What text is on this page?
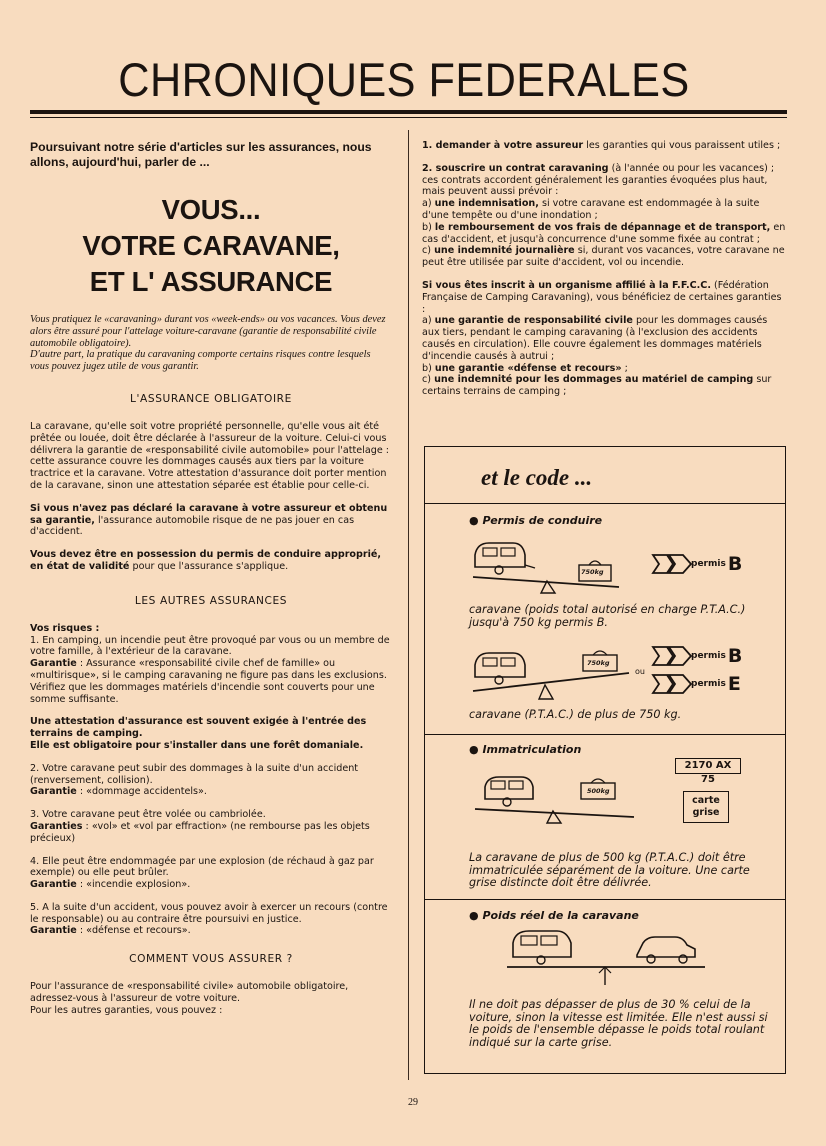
CHRONIQUES FEDERALES

Poursuivant notre série d'articles sur les assurances, nous allons, aujourd'hui, parler de ...

VOUS...
VOTRE CARAVANE,
ET L' ASSURANCE
Vous pratiquez le «caravaning» durant vos «week-ends» ou vos vacances. Vous devez alors être assuré pour l'attelage voiture-caravane (garantie de responsabilité civile automobile obligatoire).
D'autre part, la pratique du caravaning comporte certains risques contre lesquels vous pouvez jugez utile de vous garantir.
L'ASSURANCE OBLIGATOIRE

La caravane, qu'elle soit votre propriété personnelle, qu'elle vous ait été prêtée ou louée, doit être déclarée à l'assureur de la voiture. Celui-ci vous délivrera la garantie de «responsabilité civile automobile» pour l'attelage : cette assurance couvre les dommages causés aux tiers par la voiture tractrice et la caravane. Votre attestation d'assurance doit porter mention de la caravane, sinon une attestation séparée est établie pour celle-ci.

Si vous n'avez pas déclaré la caravane à votre assureur et obtenu sa garantie, l'assurance automobile risque de ne pas jouer en cas d'accident.

Vous devez être en possession du permis de conduire approprié, en état de validité pour que l'assurance s'applique.

LES AUTRES ASSURANCES

Vos risques :

1. En camping, un incendie peut être provoqué par vous ou un membre de votre famille, à l'extérieur de la caravane.

Garantie : Assurance «responsabilité civile chef de famille» ou «multirisque», si le camping caravaning ne figure pas dans les exclusions. Vérifiez que les dommages matériels d'incendie sont couverts pour une somme suffisante.

Une attestation d'assurance est souvent exigée à l'entrée des terrains de camping.

Elle est obligatoire pour s'installer dans une forêt domaniale.

2. Votre caravane peut subir des dommages à la suite d'un accident (renversement, collision).

Garantie : «dommage accidentels».

3. Votre caravane peut être volée ou cambriolée.

Garanties : «vol» et «vol par effraction» (ne rembourse pas les objets précieux)

4. Elle peut être endommagée par une explosion (de réchaud à gaz par exemple) ou elle peut brûler.

Garantie : «incendie explosion».

5. A la suite d'un accident, vous pouvez avoir à exercer un recours (contre le responsable) ou au contraire être poursuivi en justice.

Garantie : «défense et recours».

COMMENT VOUS ASSURER ?

Pour l'assurance de «responsabilité civile» automobile obligatoire, adressez-vous à l'assureur de votre voiture.

Pour les autres garanties, vous pouvez :

1. demander à votre assureur les garanties qui vous paraissent utiles ;

2. souscrire un contrat caravaning (à l'année ou pour les vacances) ; ces contrats accordent généralement les garanties évoquées plus haut, mais peuvent aussi prévoir :

a) une indemnisation, si votre caravane est endommagée à la suite d'une tempête ou d'une inondation ;

b) le remboursement de vos frais de dépannage et de transport, en cas d'accident, et jusqu'à concurrence d'une somme fixée au contrat ;

c) une indemnité journalière si, durant vos vacances, votre caravane ne peut être utilisée par suite d'accident, vol ou incendie.

Si vous êtes inscrit à un organisme affilié à la F.F.C.C. (Fédération Française de Camping Caravaning), vous bénéficiez de certaines garanties :

a) une garantie de responsabilité civile pour les dommages causés aux tiers, pendant le camping caravaning (à l'exclusion des accidents causés en circulation). Elle couvre également les dommages matériels d'incendie causés à autrui ;

b) une garantie «défense et recours» ;

c) une indemnité pour les dommages au matériel de camping sur certains terrains de camping ;

et le code ...
● Permis de conduire
750kg
permis B
caravane (poids total autorisé en charge P.T.A.C.) jusqu'à 750 kg permis B.
750kg
ou
permis B
permis E
caravane (P.T.A.C.) de plus de 750 kg.
● Immatriculation
2170 AX 75
500kg
carte
grise
La caravane de plus de 500 kg (P.T.A.C.) doit être immatriculée séparément de la voiture. Une carte grise distincte doit être délivrée.
● Poids réel de la caravane
Il ne doit pas dépasser de plus de 30 % celui de la voiture, sinon la vitesse est limitée. Elle n'est aussi si le poids de l'ensemble dépasse le poids total roulant indiqué sur la carte grise.
29
